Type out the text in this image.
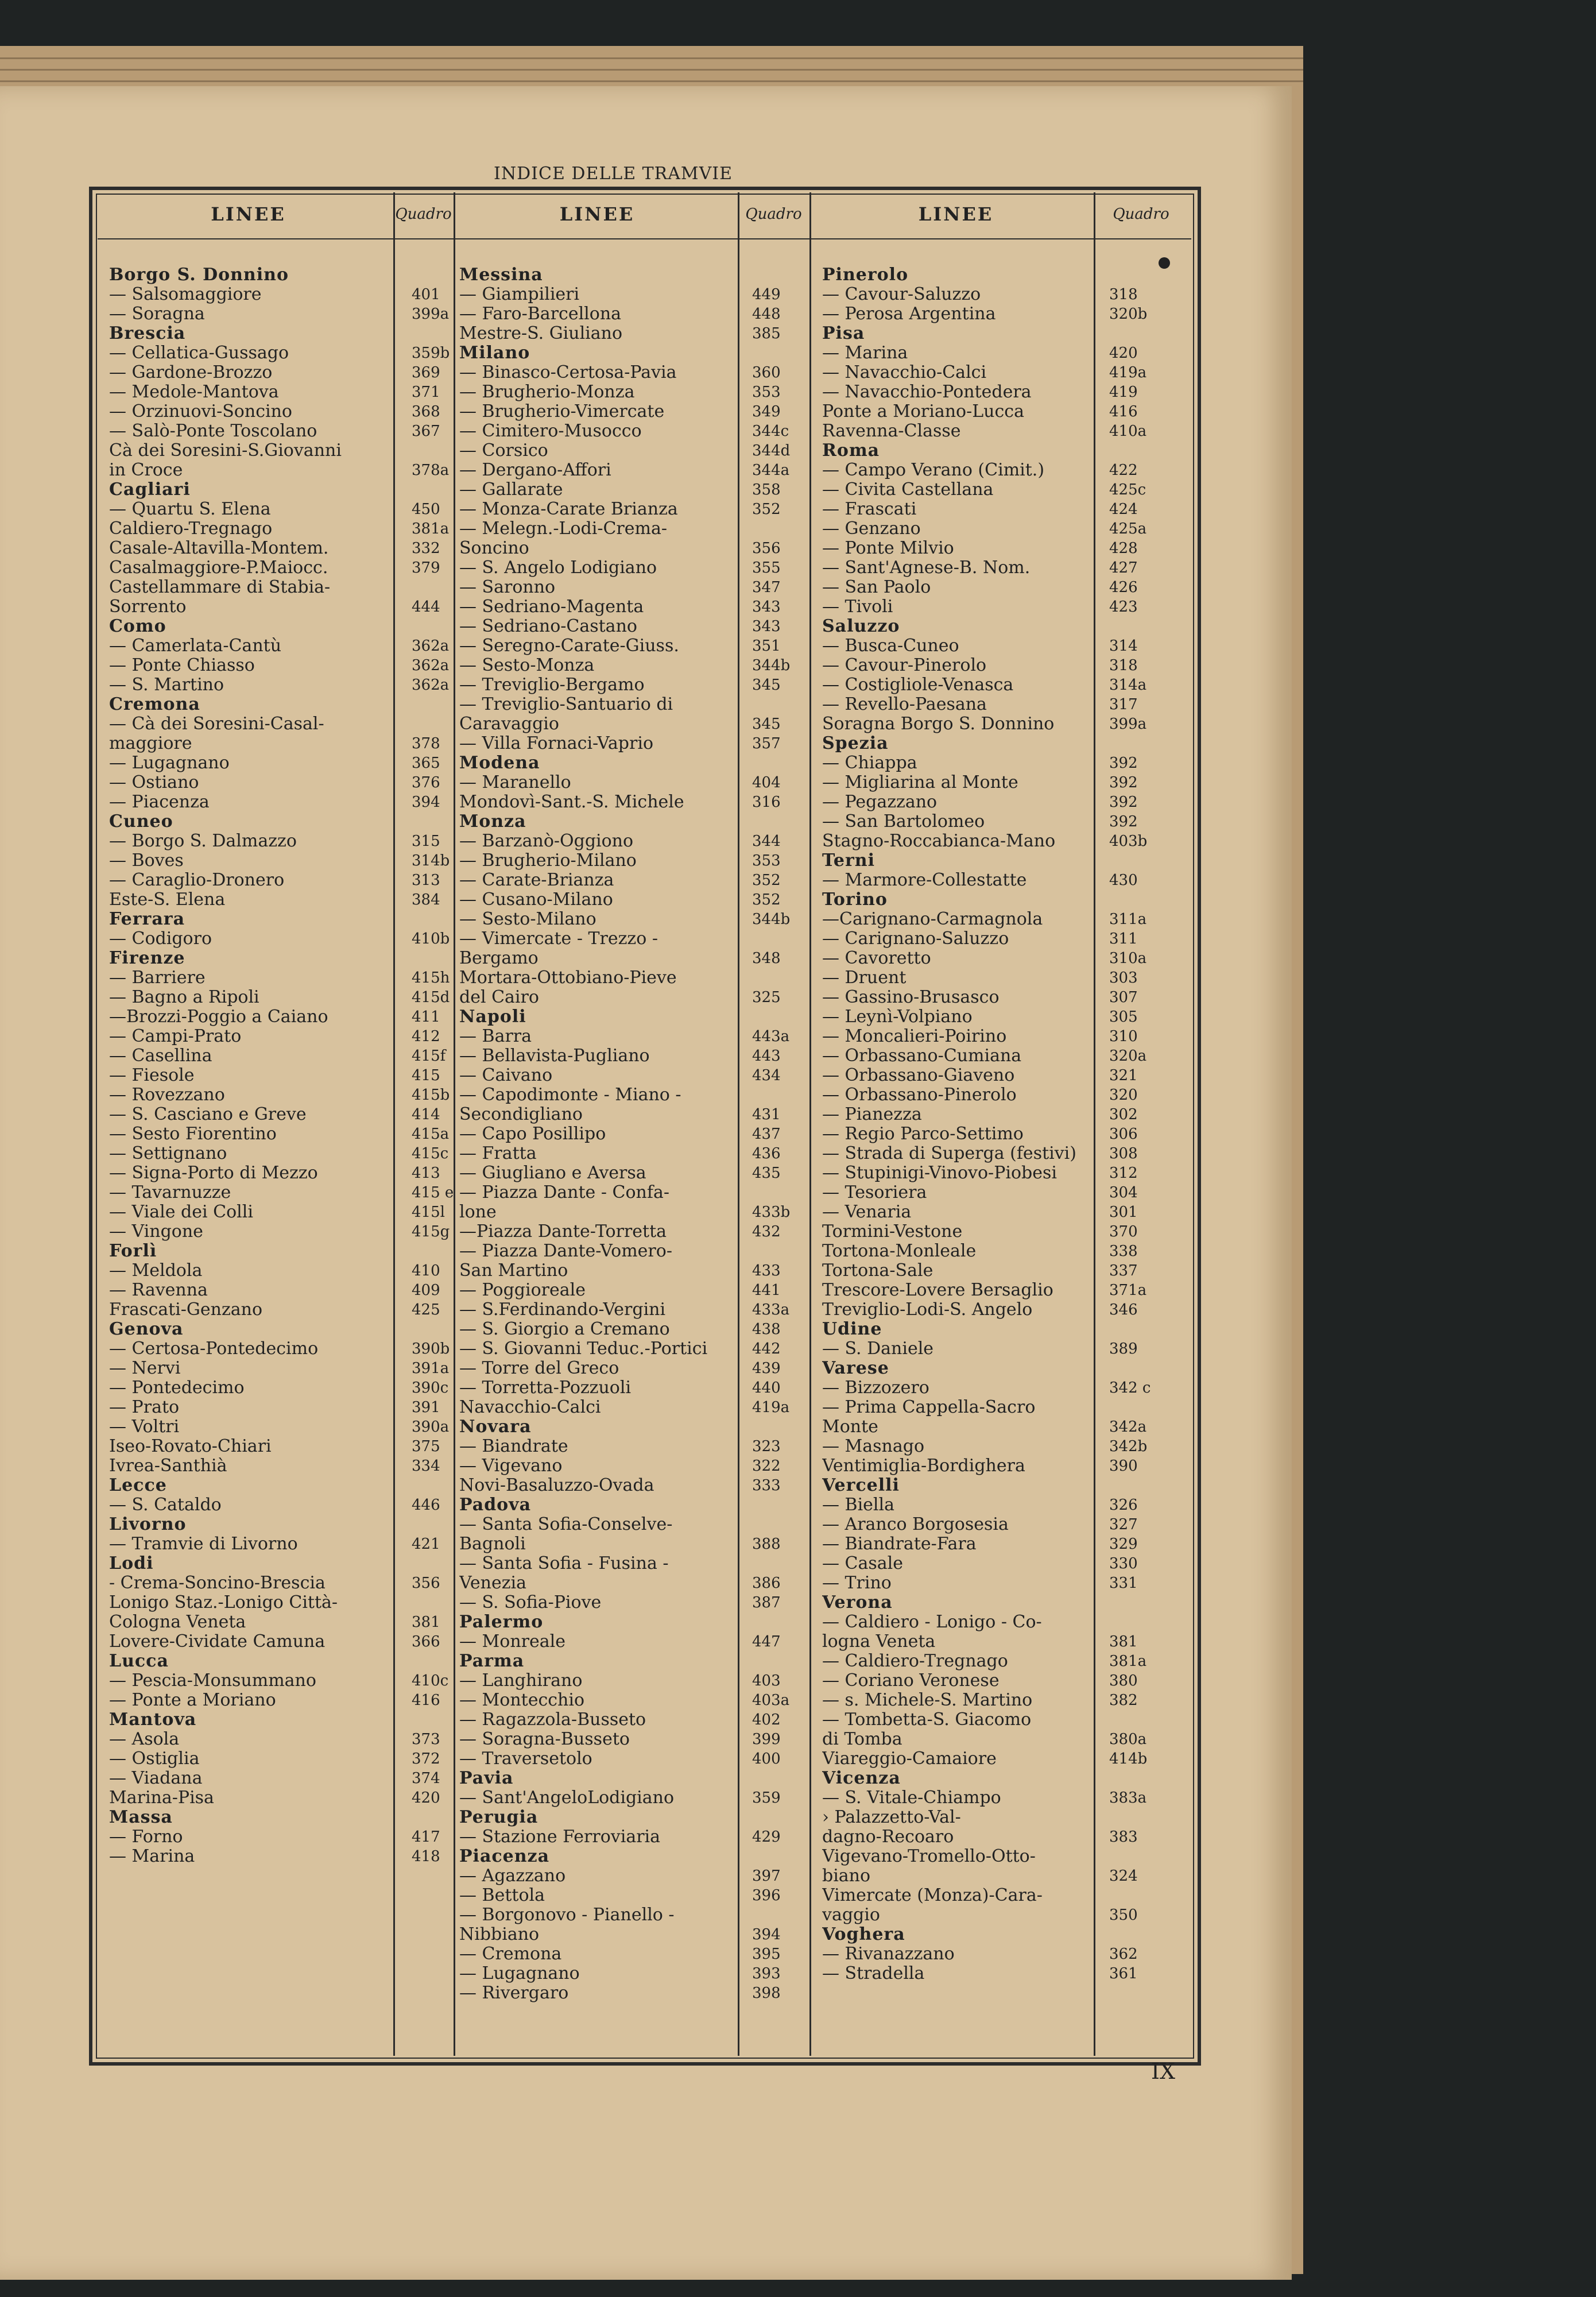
INDICE DELLE TRAMVIE
LINEE	Quadro	LINEE	Quadro	LINEE	Quadro
Borgo S. Donnino
— Salsomaggiore	401
— Soragna	399a
Brescia
— Cellatica-Gussago	359b
— Gardone-Brozzo	369
— Medole-Mantova	371
— Orzinuovi-Soncino	368
— Salò-Ponte Toscolano	367
Cà dei Soresini-S.Giovanni
in Croce	378a
Cagliari
— Quartu S. Elena	450
Caldiero-Tregnago	381a
Casale-Altavilla-Montem.	332
Casalmaggiore-P.Maiocc.	379
Castellammare di Stabia-
Sorrento	444
Como
— Camerlata-Cantù	362a
— Ponte Chiasso	362a
— S. Martino	362a
Cremona
— Cà dei Soresini-Casal-
maggiore	378
— Lugagnano	365
— Ostiano	376
— Piacenza	394
Cuneo
— Borgo S. Dalmazzo	315
— Boves	314b
— Caraglio-Dronero	313
Este-S. Elena	384
Ferrara
— Codigoro	410b
Firenze
— Barriere	415h
— Bagno a Ripoli	415d
—Brozzi-Poggio a Caiano	411
— Campi-Prato	412
— Casellina	415f
— Fiesole	415
— Rovezzano	415b
— S. Casciano e Greve	414
— Sesto Fiorentino	415a
— Settignano	415c
— Signa-Porto di Mezzo	413
— Tavarnuzze	415 e
— Viale dei Colli	415l
— Vingone	415g
Forlì
— Meldola	410
— Ravenna	409
Frascati-Genzano	425
Genova
— Certosa-Pontedecimo	390b
— Nervi	391a
— Pontedecimo	390c
— Prato	391
— Voltri	390a
Iseo-Rovato-Chiari	375
Ivrea-Santhià	334
Lecce
— S. Cataldo	446
Livorno
— Tramvie di Livorno	421
Lodi
- Crema-Soncino-Brescia	356
Lonigo Staz.-Lonigo Città-
Cologna Veneta	381
Lovere-Cividate Camuna	366
Lucca
— Pescia-Monsummano	410c
— Ponte a Moriano	416
Mantova
— Asola	373
— Ostiglia	372
— Viadana	374
Marina-Pisa	420
Massa
— Forno	417
— Marina	418
Messina
— Giampilieri	449
— Faro-Barcellona	448
Mestre-S. Giuliano	385
Milano
— Binasco-Certosa-Pavia	360
— Brugherio-Monza	353
— Brugherio-Vimercate	349
— Cimitero-Musocco	344c
— Corsico	344d
— Dergano-Affori	344a
— Gallarate	358
— Monza-Carate Brianza	352
— Melegn.-Lodi-Crema-
Soncino	356
— S. Angelo Lodigiano	355
— Saronno	347
— Sedriano-Magenta	343
— Sedriano-Castano	343
— Seregno-Carate-Giuss.	351
— Sesto-Monza	344b
— Treviglio-Bergamo	345
— Treviglio-Santuario di
Caravaggio	345
— Villa Fornaci-Vaprio	357
Modena
— Maranello	404
Mondovì-Sant.-S. Michele	316
Monza
— Barzanò-Oggiono	344
— Brugherio-Milano	353
— Carate-Brianza	352
— Cusano-Milano	352
— Sesto-Milano	344b
— Vimercate - Trezzo -
Bergamo	348
Mortara-Ottobiano-Pieve
del Cairo	325
Napoli
— Barra	443a
— Bellavista-Pugliano	443
— Caivano	434
— Capodimonte - Miano -
Secondigliano	431
— Capo Posillipo	437
— Fratta	436
— Giugliano e Aversa	435
— Piazza Dante - Confa-
lone	433b
—Piazza Dante-Torretta	432
— Piazza Dante-Vomero-
San Martino	433
— Poggioreale	441
— S.Ferdinando-Vergini	433a
— S. Giorgio a Cremano	438
— S. Giovanni Teduc.-Portici	442
— Torre del Greco	439
— Torretta-Pozzuoli	440
Navacchio-Calci	419a
Novara
— Biandrate	323
— Vigevano	322
Novi-Basaluzzo-Ovada	333
Padova
— Santa Sofia-Conselve-
Bagnoli	388
— Santa Sofia - Fusina -
Venezia	386
— S. Sofia-Piove	387
Palermo
— Monreale	447
Parma
— Langhirano	403
— Montecchio	403a
— Ragazzola-Busseto	402
— Soragna-Busseto	399
— Traversetolo	400
Pavia
— Sant'AngeloLodigiano	359
Perugia
— Stazione Ferroviaria	429
Piacenza
— Agazzano	397
— Bettola	396
— Borgonovo - Pianello -
Nibbiano	394
— Cremona	395
— Lugagnano	393
— Rivergaro	398
Pinerolo
— Cavour-Saluzzo	318
— Perosa Argentina	320b
Pisa
— Marina	420
— Navacchio-Calci	419a
— Navacchio-Pontedera	419
Ponte a Moriano-Lucca	416
Ravenna-Classe	410a
Roma
— Campo Verano (Cimit.)	422
— Civita Castellana	425c
— Frascati	424
— Genzano	425a
— Ponte Milvio	428
— Sant'Agnese-B. Nom.	427
— San Paolo	426
— Tivoli	423
Saluzzo
— Busca-Cuneo	314
— Cavour-Pinerolo	318
— Costigliole-Venasca	314a
— Revello-Paesana	317
Soragna Borgo S. Donnino	399a
Spezia
— Chiappa	392
— Migliarina al Monte	392
— Pegazzano	392
— San Bartolomeo	392
Stagno-Roccabianca-Mano	403b
Terni
— Marmore-Collestatte	430
Torino
—Carignano-Carmagnola	311a
— Carignano-Saluzzo	311
— Cavoretto	310a
— Druent	303
— Gassino-Brusasco	307
— Leynì-Volpiano	305
— Moncalieri-Poirino	310
— Orbassano-Cumiana	320a
— Orbassano-Giaveno	321
— Orbassano-Pinerolo	320
— Pianezza	302
— Regio Parco-Settimo	306
— Strada di Superga (festivi) 308
— Stupinigi-Vinovo-Piobesi	312
— Tesoriera	304
— Venaria	301
Tormini-Vestone	370
Tortona-Monleale	338
Tortona-Sale	337
Trescore-Lovere Bersaglio	371a
Treviglio-Lodi-S. Angelo	346
Udine
— S. Daniele	389
Varese
— Bizzozero	342 c
— Prima Cappella-Sacro
Monte	342a
— Masnago	342b
Ventimiglia-Bordighera	390
Vercelli
— Biella	326
— Aranco Borgosesia	327
— Biandrate-Fara	329
— Casale	330
— Trino	331
Verona
— Caldiero - Lonigo - Co-
logna Veneta	381
— Caldiero-Tregnago	381a
— Coriano Veronese	380
— s. Michele-S. Martino	382
— Tombetta-S. Giacomo
di Tomba	380a
Viareggio-Camaiore	414b
Vicenza
— S. Vitale-Chiampo	383a
› Palazzetto-Val-
dagno-Recoaro	383
Vigevano-Tromello-Otto-
biano	324
Vimercate (Monza)-Cara-
vaggio	350
Voghera
— Rivanazzano	362
— Stradella	361
IX
